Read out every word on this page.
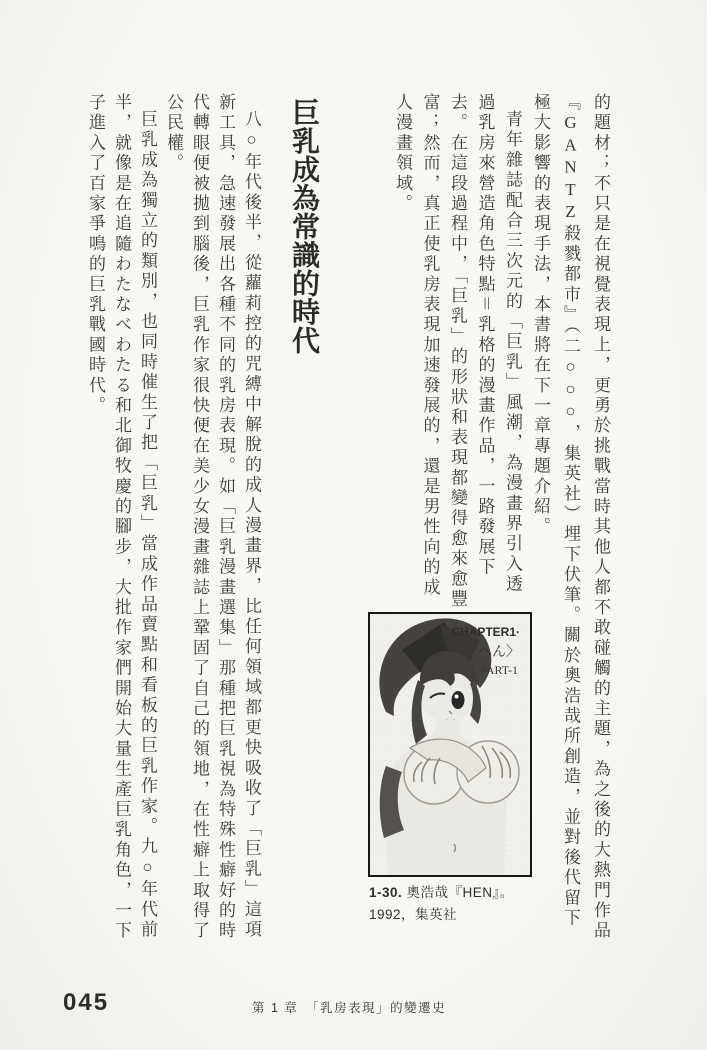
巨乳成為常識的時代	的題材；不只是在視覺表現上，更勇於挑戰當時其他人都不敢碰觸的主題，為之後的大熱門作品『GANTZ殺戮都市』（二○○○，集英社）埋下伏筆。關於奧浩哉所創造，並對後代留下極大影響的表現手法，本書將在下一章專題介紹。

青年雜誌配合三次元的「巨乳」風潮，為漫畫界引入透過乳房來營造角色特點＝乳格的漫畫作品，一路發展下去。在這段過程中，「巨乳」的形狀和表現都變得愈來愈豐富；然而，真正使乳房表現加速發展的，還是男性向的成人漫畫領域。

八○年代後半，從蘿莉控的咒縛中解脫的成人漫畫界，比任何領域都更快吸收了「巨乳」這項新工具，急速發展出各種不同的乳房表現。如「巨乳漫畫選集」那種把巨乳視為特殊性癖好的時代轉眼便被拋到腦後，巨乳作家很快便在美少女漫畫雜誌上鞏固了自己的領地，在性癖上取得了公民權。

巨乳成為獨立的類別，也同時催生了把「巨乳」當成作品賣點和看板的巨乳作家。九○年代前半，就像是在追隨わたなべわたる和北御牧慶的腳步，大批作家們開始大量生產巨乳角色，一下子進入了百家爭鳴的巨乳戰國時代。

CHAPTER1·
〈へん〉
PART-1
1-30. 奧浩哉『HEN』。
1992，集英社
045	第 1 章　「乳房表現」的變遷史
